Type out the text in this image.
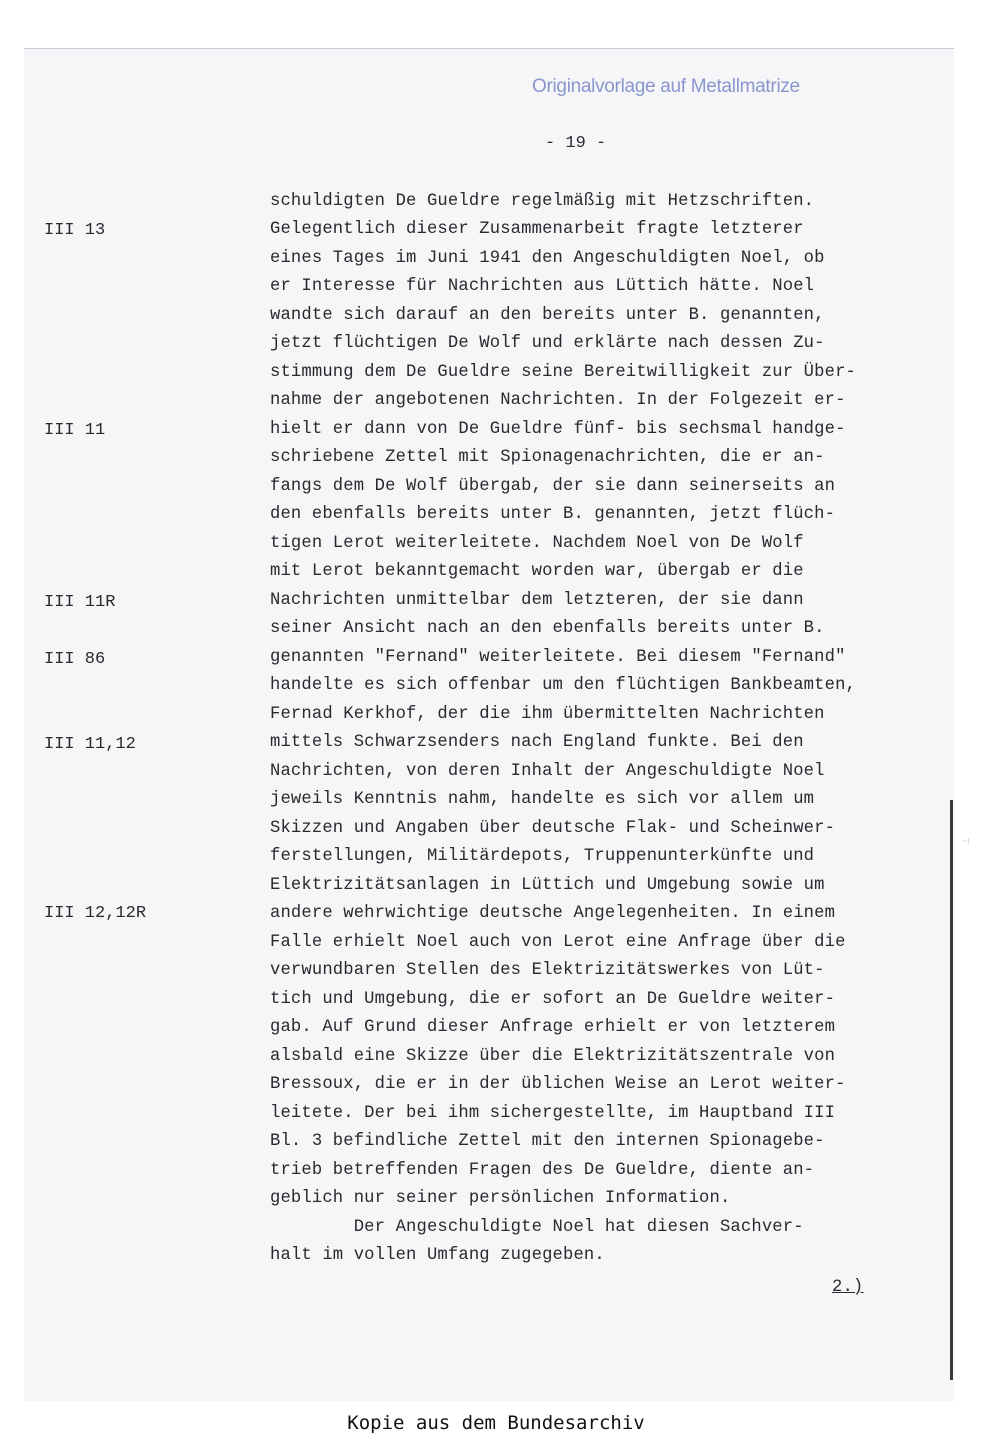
⁻⁾
Originalvorlage auf Metallmatrize
- 19 -
III 13
III 11
III 11R
III 86
III 11,12
III 12,12R
schuldigten De Gueldre regelmäßig mit Hetzschriften.
Gelegentlich dieser Zusammenarbeit fragte letzterer
eines Tages im Juni 1941 den Angeschuldigten Noel, ob
er Interesse für Nachrichten aus Lüttich hätte. Noel
wandte sich darauf an den bereits unter B. genannten,
jetzt flüchtigen De Wolf und erklärte nach dessen Zu-
stimmung dem De Gueldre seine Bereitwilligkeit zur Über-
nahme der angebotenen Nachrichten. In der Folgezeit er-
hielt er dann von De Gueldre fünf- bis sechsmal handge-
schriebene Zettel mit Spionagenachrichten, die er an-
fangs dem De Wolf übergab, der sie dann seinerseits an
den ebenfalls bereits unter B. genannten, jetzt flüch-
tigen Lerot weiterleitete. Nachdem Noel von De Wolf
mit Lerot bekanntgemacht worden war, übergab er die
Nachrichten unmittelbar dem letzteren, der sie dann
seiner Ansicht nach an den ebenfalls bereits unter B.
genannten "Fernand" weiterleitete. Bei diesem "Fernand"
handelte es sich offenbar um den flüchtigen Bankbeamten,
Fernad Kerkhof, der die ihm übermittelten Nachrichten
mittels Schwarzsenders nach England funkte. Bei den
Nachrichten, von deren Inhalt der Angeschuldigte Noel
jeweils Kenntnis nahm, handelte es sich vor allem um
Skizzen und Angaben über deutsche Flak- und Scheinwer-
ferstellungen, Militärdepots, Truppenunterkünfte und
Elektrizitätsanlagen in Lüttich und Umgebung sowie um
andere wehrwichtige deutsche Angelegenheiten. In einem
Falle erhielt Noel auch von Lerot eine Anfrage über die
verwundbaren Stellen des Elektrizitätswerkes von Lüt-
tich und Umgebung, die er sofort an De Gueldre weiter-
gab. Auf Grund dieser Anfrage erhielt er von letzterem
alsbald eine Skizze über die Elektrizitätszentrale von
Bressoux, die er in der üblichen Weise an Lerot weiter-
leitete. Der bei ihm sichergestellte, im Hauptband III
Bl. 3 befindliche Zettel mit den internen Spionagebe-
trieb betreffenden Fragen des De Gueldre, diente an-
geblich nur seiner persönlichen Information.
Der Angeschuldigte Noel hat diesen Sachver-
halt im vollen Umfang zugegeben.
2.)
Kopie aus dem Bundesarchiv
